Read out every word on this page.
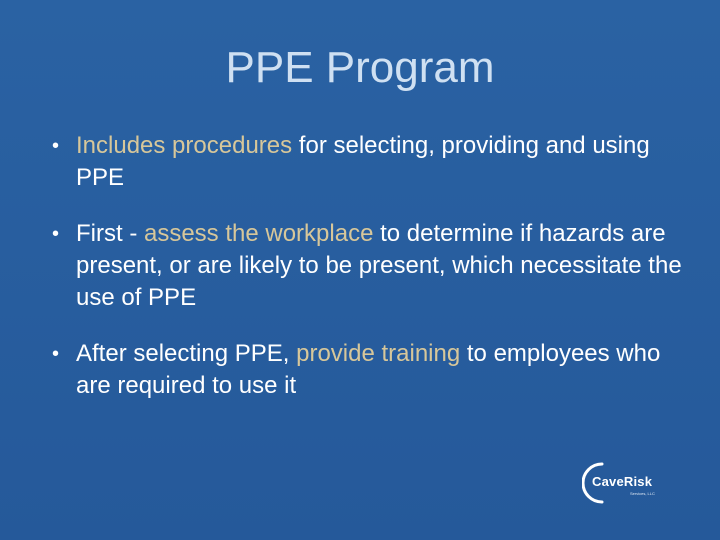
PPE Program
• Includes procedures for selecting, providing and using PPE
• First - assess the workplace to determine if hazards are present, or are likely to be present, which necessitate the use of PPE
• After selecting PPE, provide training to employees who are required to use it
CaveRisk
Services, LLC
